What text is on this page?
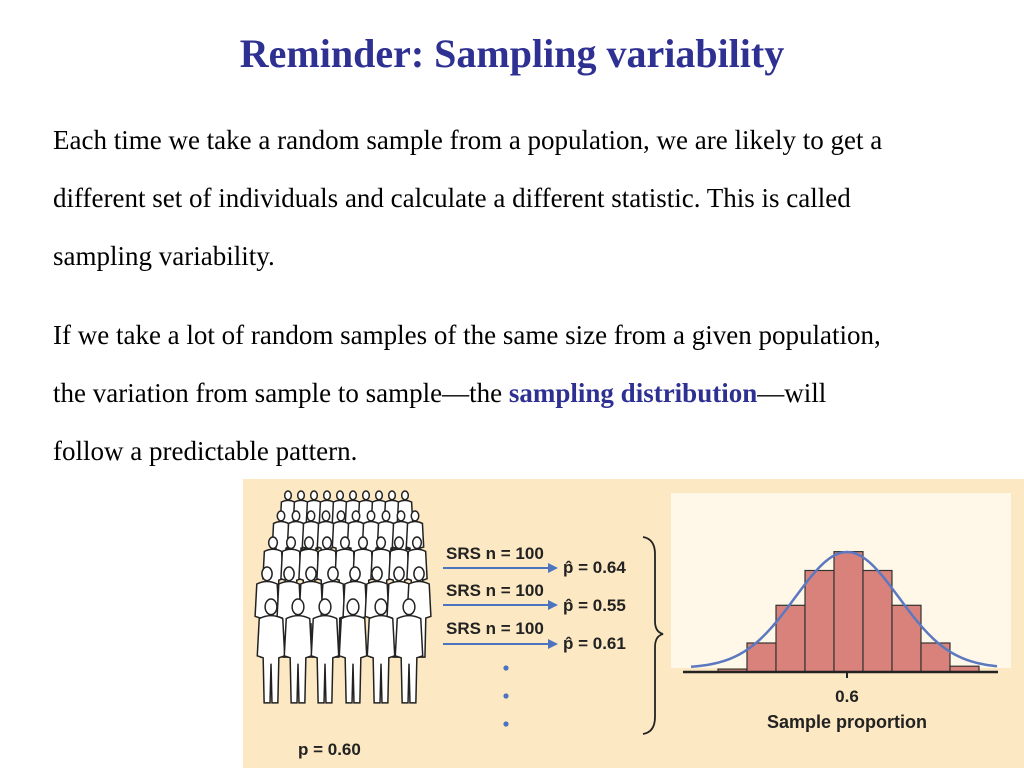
Reminder: Sampling variability
Each time we take a random sample from a population, we are likely to get a different set of individuals and calculate a different statistic. This is called sampling variability.
If we take a lot of random samples of the same size from a given population, the variation from sample to sample—the sampling distribution—will follow a predictable pattern.
p = 0.60
SRS n = 100
p̂ = 0.64
SRS n = 100
p̂ = 0.55
SRS n = 100
p̂ = 0.61
0.6
Sample proportion
